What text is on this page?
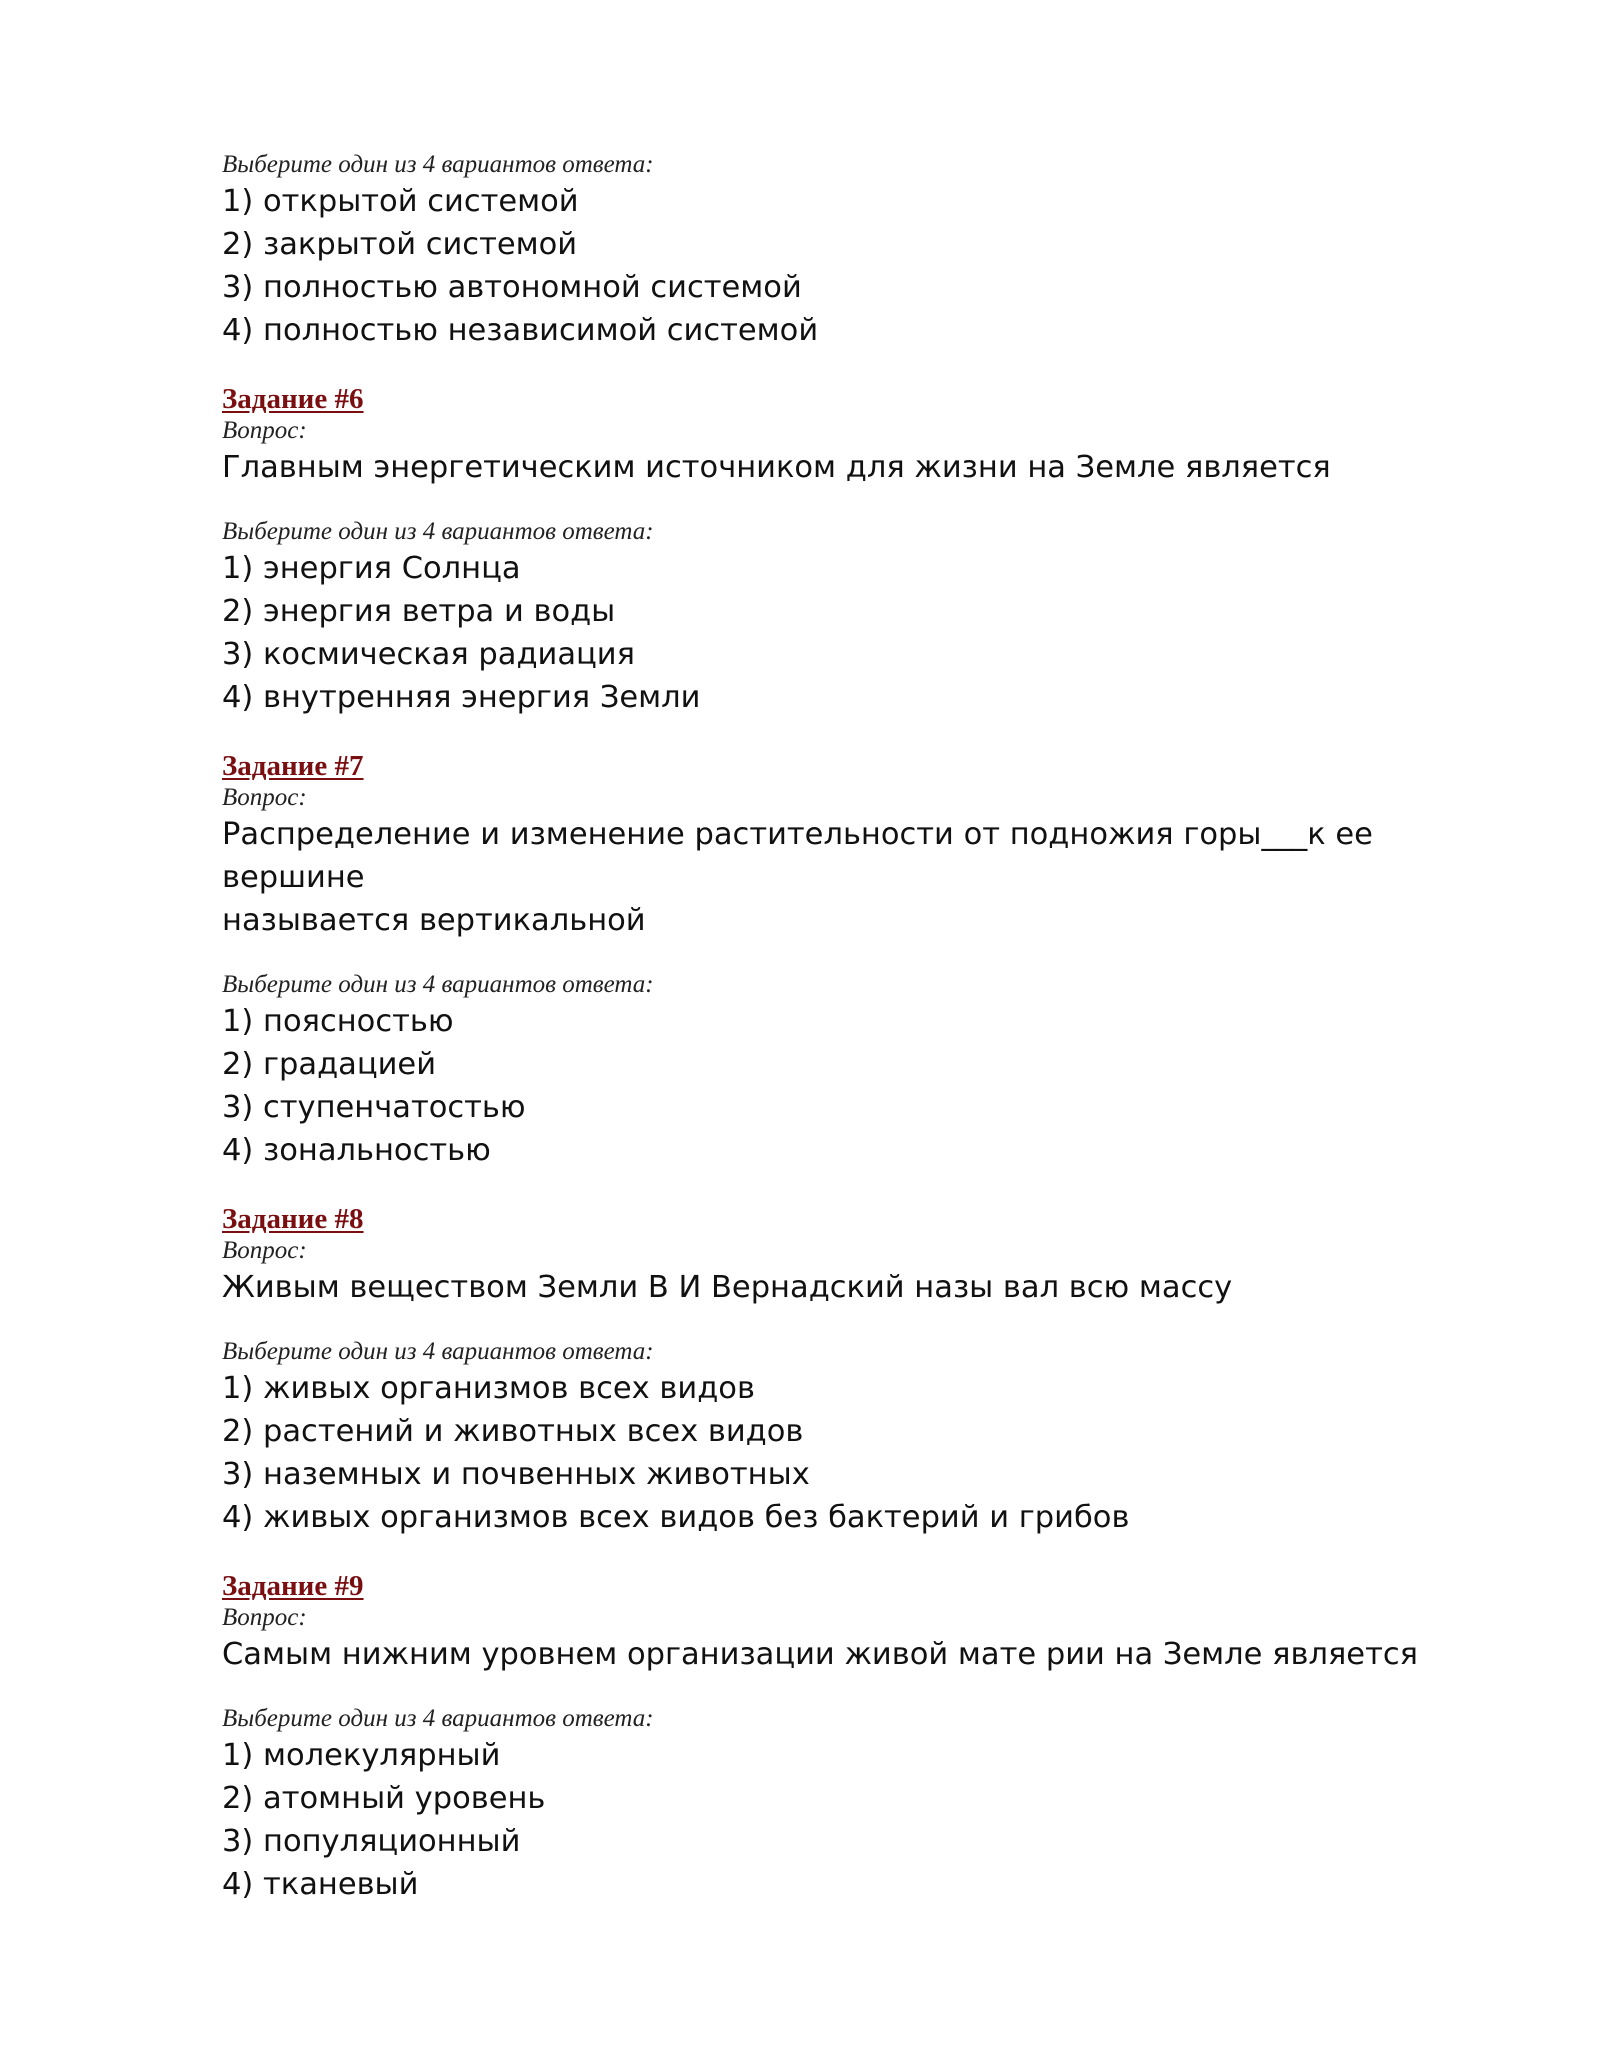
Выберите один из 4 вариантов ответа:
1) открытой системой
2) закрытой системой
3) полностью автономной системой
4) полностью независимой системой
Задание #6
Вопрос:
Главным энергетическим источником для жизни на Земле является
Выберите один из 4 вариантов ответа:
1) энергия Солнца
2) энергия ветра и воды
3) космическая радиация
4) внутренняя энергия Земли
Задание #7
Вопрос:
Распределение и изменение растительности от подножия горы___к ее вершине
называется вертикальной
Выберите один из 4 вариантов ответа:
1) поясностью
2) градацией
3) ступенчатостью
4) зональностью
Задание #8
Вопрос:
Живым веществом Земли В И Вернадский назы вал всю массу
Выберите один из 4 вариантов ответа:
1) живых организмов всех видов
2) растений и животных всех видов
3) наземных и почвенных животных
4) живых организмов всех видов без бактерий и грибов
Задание #9
Вопрос:
Самым нижним уровнем организации живой мате рии на Земле является
Выберите один из 4 вариантов ответа:
1) молекулярный
2) атомный уровень
3) популяционный
4) тканевый
